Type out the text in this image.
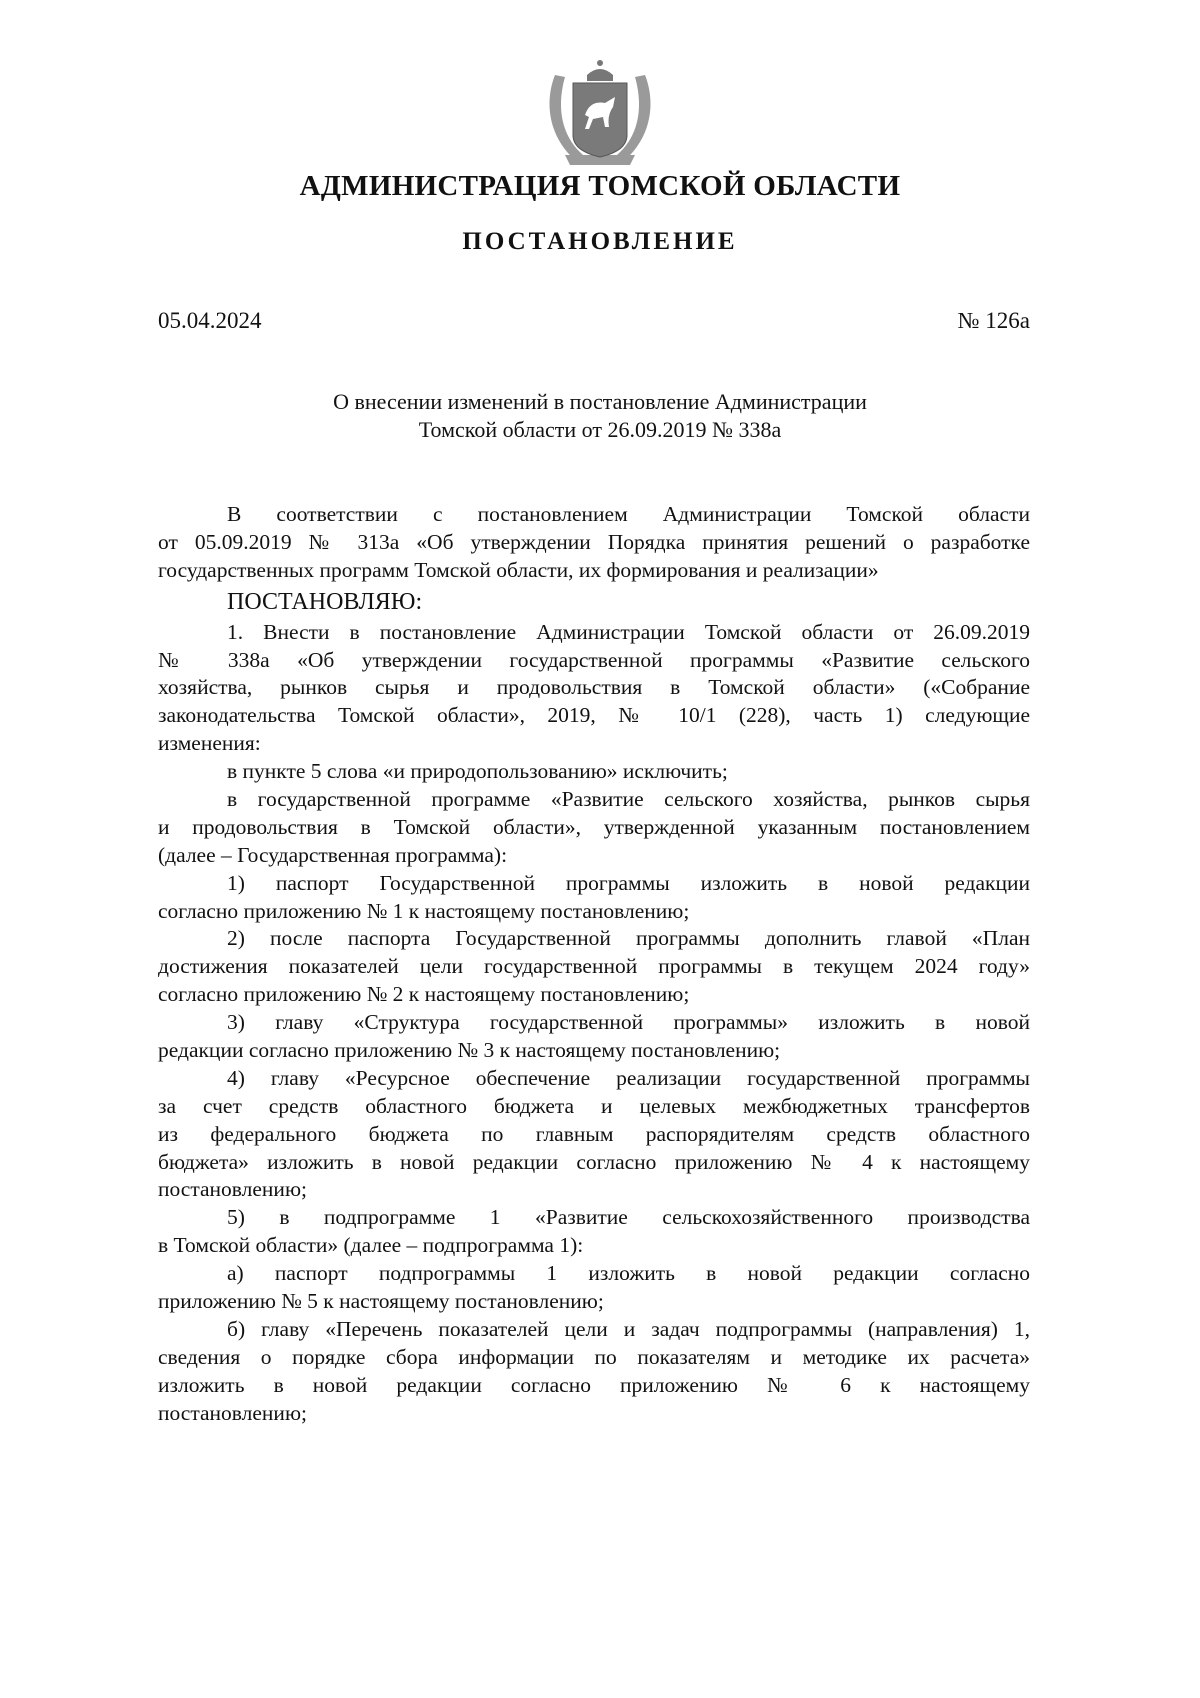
АДМИНИСТРАЦИЯ ТОМСКОЙ ОБЛАСТИ
ПОСТАНОВЛЕНИЕ
05.04.2024	№ 126а
О внесении изменений в постановление Администрации
Томской области от 26.09.2019 № 338а
В соответствии с постановлением Администрации Томской области
от 05.09.2019 № 313а «Об утверждении Порядка принятия решений о разработке
государственных программ Томской области, их формирования и реализации»
ПОСТАНОВЛЯЮ:
1. Внести в постановление Администрации Томской области от 26.09.2019
№ 338а «Об утверждении государственной программы «Развитие сельского
хозяйства, рынков сырья и продовольствия в Томской области» («Собрание
законодательства Томской области», 2019, № 10/1 (228), часть 1) следующие
изменения:
в пункте 5 слова «и природопользованию» исключить;
в государственной программе «Развитие сельского хозяйства, рынков сырья
и продовольствия в Томской области», утвержденной указанным постановлением
(далее – Государственная программа):
1) паспорт Государственной программы изложить в новой редакции
согласно приложению № 1 к настоящему постановлению;
2) после паспорта Государственной программы дополнить главой «План
достижения показателей цели государственной программы в текущем 2024 году»
согласно приложению № 2 к настоящему постановлению;
3) главу «Структура государственной программы» изложить в новой
редакции согласно приложению № 3 к настоящему постановлению;
4) главу «Ресурсное обеспечение реализации государственной программы
за счет средств областного бюджета и целевых межбюджетных трансфертов
из федерального бюджета по главным распорядителям средств областного
бюджета» изложить в новой редакции согласно приложению № 4 к настоящему
постановлению;
5) в подпрограмме 1 «Развитие сельскохозяйственного производства
в Томской области» (далее – подпрограмма 1):
а) паспорт подпрограммы 1 изложить в новой редакции согласно
приложению № 5 к настоящему постановлению;
б) главу «Перечень показателей цели и задач подпрограммы (направления) 1,
сведения о порядке сбора информации по показателям и методике их расчета»
изложить в новой редакции согласно приложению № 6 к настоящему
постановлению;
